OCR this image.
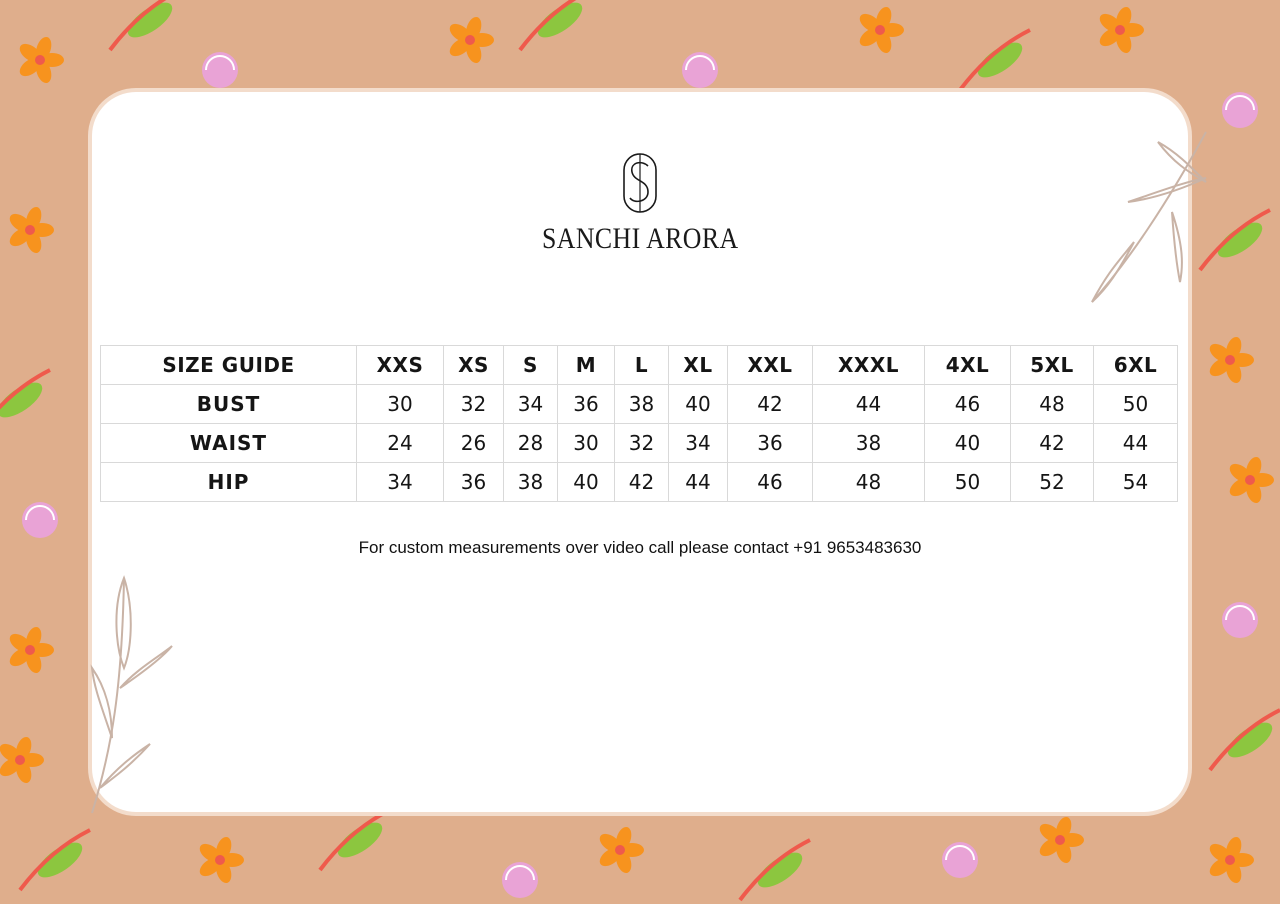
SANCHI ARORA
SIZE GUIDE	XXS	XS	S	M	L	XL	XXL	XXXL	4XL	5XL	6XL
BUST	30	32	34	36	38	40	42	44	46	48	50
WAIST	24	26	28	30	32	34	36	38	40	42	44
HIP	34	36	38	40	42	44	46	48	50	52	54
For custom measurements over video call please contact +91 9653483630
